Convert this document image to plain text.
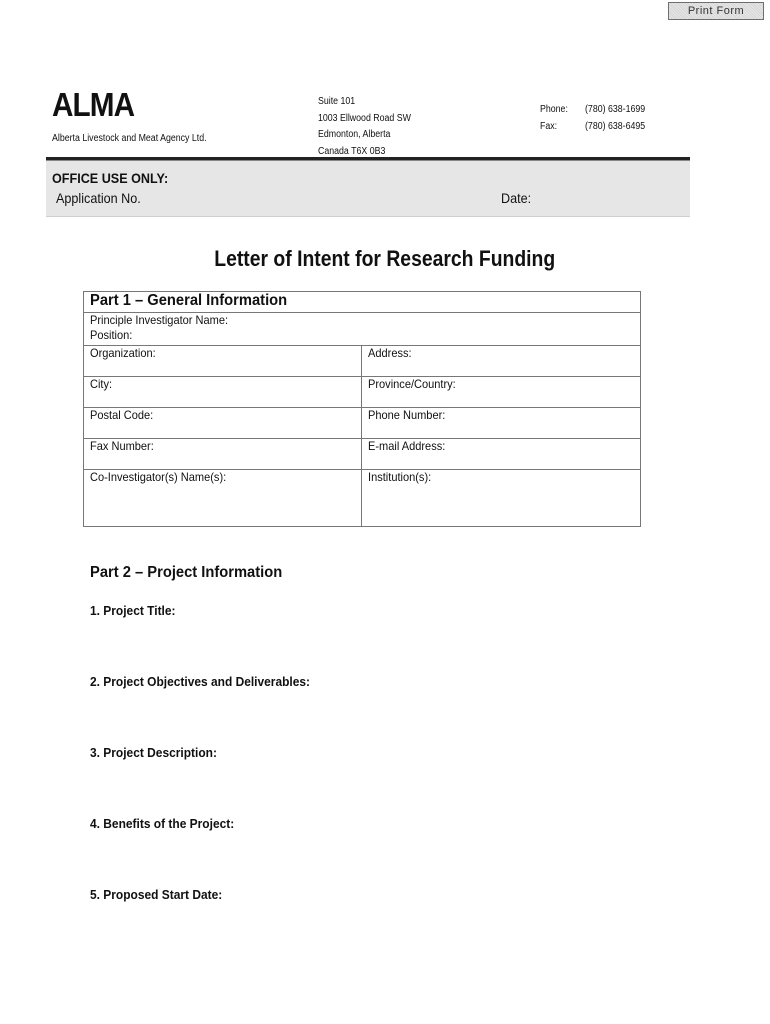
Print Form
ALMA
Alberta Livestock and Meat Agency Ltd.
Suite 101
1003 Ellwood Road SW
Edmonton, Alberta
Canada T6X 0B3
Phone: (780) 638-1699
Fax:	(780) 638-6495
OFFICE USE ONLY:
Application No.	Date:
Letter of Intent for Research Funding
Part 1 – General Information	
Principle Investigator Name:
Position:	
Organization:	Address:
City:	Province/Country:
Postal Code:	Phone Number:
Fax Number:	E-mail Address:
Co-Investigator(s) Name(s):	Institution(s):
Part 2 – Project Information
1. Project Title:
2. Project Objectives and Deliverables:
3. Project Description:
4. Benefits of the Project:
5. Proposed Start Date:
